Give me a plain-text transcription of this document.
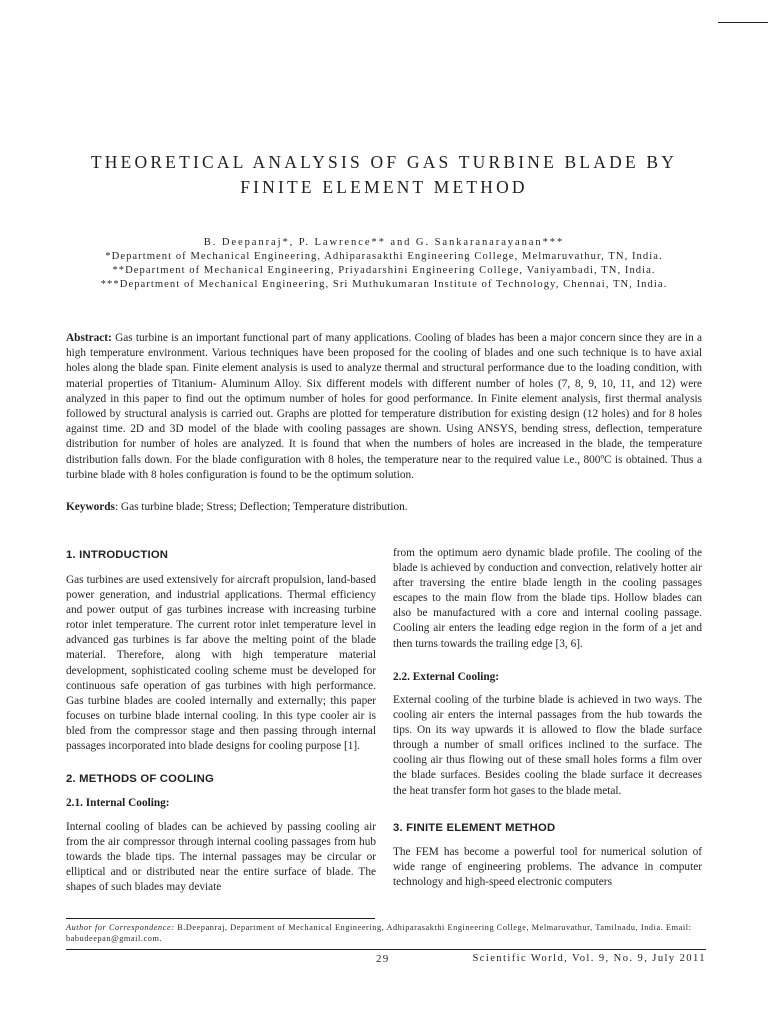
THEORETICAL ANALYSIS OF GAS TURBINE BLADE BY
FINITE ELEMENT METHOD
B. Deepanraj*, P. Lawrence** and G. Sankaranarayanan***
*Department of Mechanical Engineering, Adhiparasakthi Engineering College, Melmaruvathur, TN, India.
**Department of Mechanical Engineering, Priyadarshini Engineering College, Vaniyambadi, TN, India.
***Department of Mechanical Engineering, Sri Muthukumaran Institute of Technology, Chennai, TN, India.
Abstract: Gas turbine is an important functional part of many applications. Cooling of blades has been a major concern since they are in a high temperature environment. Various techniques have been proposed for the cooling of blades and one such technique is to have axial holes along the blade span. Finite element analysis is used to analyze thermal and structural performance due to the loading condition, with material properties of Titanium- Aluminum Alloy. Six different models with different number of holes (7, 8, 9, 10, 11, and 12) were analyzed in this paper to find out the optimum number of holes for good performance. In Finite element analysis, first thermal analysis followed by structural analysis is carried out. Graphs are plotted for temperature distribution for existing design (12 holes) and for 8 holes against time. 2D and 3D model of the blade with cooling passages are shown. Using ANSYS, bending stress, deflection, temperature distribution for number of holes are analyzed. It is found that when the numbers of holes are increased in the blade, the temperature distribution falls down. For the blade configuration with 8 holes, the temperature near to the required value i.e., 800ºC is obtained. Thus a turbine blade with 8 holes configuration is found to be the optimum solution.
Keywords: Gas turbine blade; Stress; Deflection; Temperature distribution.
1. INTRODUCTION

Gas turbines are used extensively for aircraft propulsion, land-based power generation, and industrial applications. Thermal efficiency and power output of gas turbines increase with increasing turbine rotor inlet temperature. The current rotor inlet temperature level in advanced gas turbines is far above the melting point of the blade material. Therefore, along with high temperature material development, sophisticated cooling scheme must be developed for continuous safe operation of gas turbines with high performance. Gas turbine blades are cooled internally and externally; this paper focuses on turbine blade internal cooling. In this type cooler air is bled from the compressor stage and then passing through internal passages incorporated into blade designs for cooling purpose [1].

2. METHODS OF COOLING
2.1. Internal Cooling:

Internal cooling of blades can be achieved by passing cooling air from the air compressor through internal cooling passages from hub towards the blade tips. The internal passages may be circular or elliptical and or distributed near the entire surface of blade. The shapes of such blades may deviate

from the optimum aero dynamic blade profile. The cooling of the blade is achieved by conduction and convection, relatively hotter air after traversing the entire blade length in the cooling passages escapes to the main flow from the blade tips. Hollow blades can also be manufactured with a core and internal cooling passage. Cooling air enters the leading edge region in the form of a jet and then turns towards the trailing edge [3, 6].

2.2. External Cooling:

External cooling of the turbine blade is achieved in two ways. The cooling air enters the internal passages from the hub towards the tips. On its way upwards it is allowed to flow the blade surface through a number of small orifices inclined to the surface. The cooling air thus flowing out of these small holes forms a film over the blade surfaces. Besides cooling the blade surface it decreases the heat transfer form hot gases to the blade metal.

3. FINITE ELEMENT METHOD

The FEM has become a powerful tool for numerical solution of wide range of engineering problems. The advance in computer technology and high-speed electronic computers

Author for Correspondence: B.Deepanraj, Department of Mechanical Engineering, Adhiparasakthi Engineering College, Melmaruvathur, Tamilnadu, India. Email: babudeepan@gmail.com.
29	Scientific World, Vol. 9, No. 9, July 2011
